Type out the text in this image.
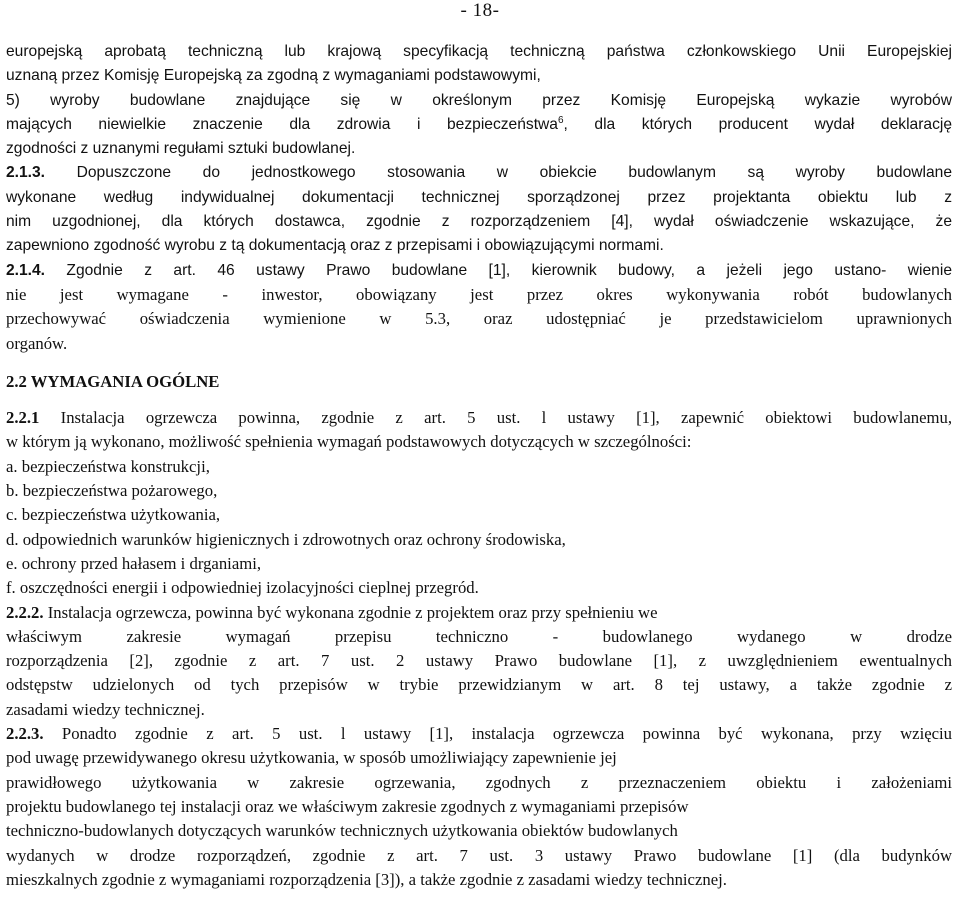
- 18-
europejską aprobatą techniczną lub krajową specyfikacją techniczną państwa członkowskiego Unii Europejskiej
uznaną przez Komisję Europejską za zgodną z wymaganiami podstawowymi,
5) wyroby budowlane znajdujące się w określonym przez Komisję Europejską wykazie wyrobów
mających niewielkie znaczenie dla zdrowia i bezpieczeństwa$^6$, dla których producent wydał deklarację
zgodności z uznanymi regułami sztuki budowlanej.
2.1.3. Dopuszczone do jednostkowego stosowania w obiekcie budowlanym są wyroby budowlane
wykonane według indywidualnej dokumentacji technicznej sporządzonej przez projektanta obiektu lub z
nim uzgodnionej, dla których dostawca, zgodnie z rozporządzeniem [4], wydał oświadczenie wskazujące, że
zapewniono zgodność wyrobu z tą dokumentacją oraz z przepisami i obowiązującymi normami.
2.1.4. Zgodnie z art. 46 ustawy Prawo budowlane [1], kierownik budowy, a jeżeli jego ustano- wienie
nie jest wymagane - inwestor, obowiązany jest przez okres wykonywania robót budowlanych
przechowywać oświadczenia wymienione w 5.3, oraz udostępniać je przedstawicielom uprawnionych
organów.
2.2 WYMAGANIA OGÓLNE
2.2.1 Instalacja ogrzewcza powinna, zgodnie z art. 5 ust. l ustawy [1], zapewnić obiektowi budowlanemu,
w którym ją wykonano, możliwość spełnienia wymagań podstawowych dotyczących w szczególności:
a. bezpieczeństwa konstrukcji,
b. bezpieczeństwa pożarowego,
c. bezpieczeństwa użytkowania,
d. odpowiednich warunków higienicznych i zdrowotnych oraz ochrony środowiska,
e. ochrony przed hałasem i drganiami,
f. oszczędności energii i odpowiedniej izolacyjności cieplnej przegród.
2.2.2. Instalacja ogrzewcza, powinna być wykonana zgodnie z projektem oraz przy spełnieniu we
właściwym zakresie wymagań przepisu techniczno - budowlanego wydanego w drodze
rozporządzenia [2], zgodnie z art. 7 ust. 2 ustawy Prawo budowlane [1], z uwzględnieniem ewentualnych
odstępstw udzielonych od tych przepisów w trybie przewidzianym w art. 8 tej ustawy, a także zgodnie z
zasadami wiedzy technicznej.
2.2.3. Ponadto zgodnie z art. 5 ust. l ustawy [1], instalacja ogrzewcza powinna być wykonana, przy wzięciu
pod uwagę przewidywanego okresu użytkowania, w sposób umożliwiający zapewnienie jej
prawidłowego użytkowania w zakresie ogrzewania, zgodnych z przeznaczeniem obiektu i założeniami
projektu budowlanego tej instalacji oraz we właściwym zakresie zgodnych z wymaganiami przepisów
techniczno-budowlanych dotyczących warunków technicznych użytkowania obiektów budowlanych
wydanych w drodze rozporządzeń, zgodnie z art. 7 ust. 3 ustawy Prawo budowlane [1] (dla budynków
mieszkalnych zgodnie z wymaganiami rozporządzenia [3]), a także zgodnie z zasadami wiedzy technicznej.
